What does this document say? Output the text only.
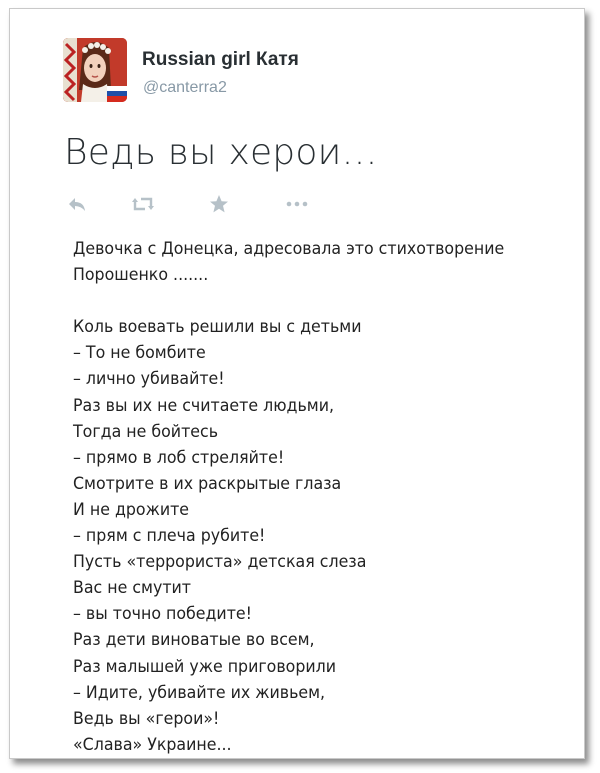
Russian girl Катя
@canterra2
Ведь вы херои…
Девочка с Донецка, адресовала это стихотворение
Порошенко .......
Коль воевать решили вы с детьми
– То не бомбите
– лично убивайте!
Раз вы их не считаете людьми,
Тогда не бойтесь
– прямо в лоб стреляйте!
Смотрите в их раскрытые глаза
И не дрожите
– прям с плеча рубите!
Пусть «террориста» детская слеза
Вас не смутит
– вы точно победите!
Раз дети виноватые во всем,
Раз малышей уже приговорили
– Идите, убивайте их живьем,
Ведь вы «герои»!
«Слава» Украине...
